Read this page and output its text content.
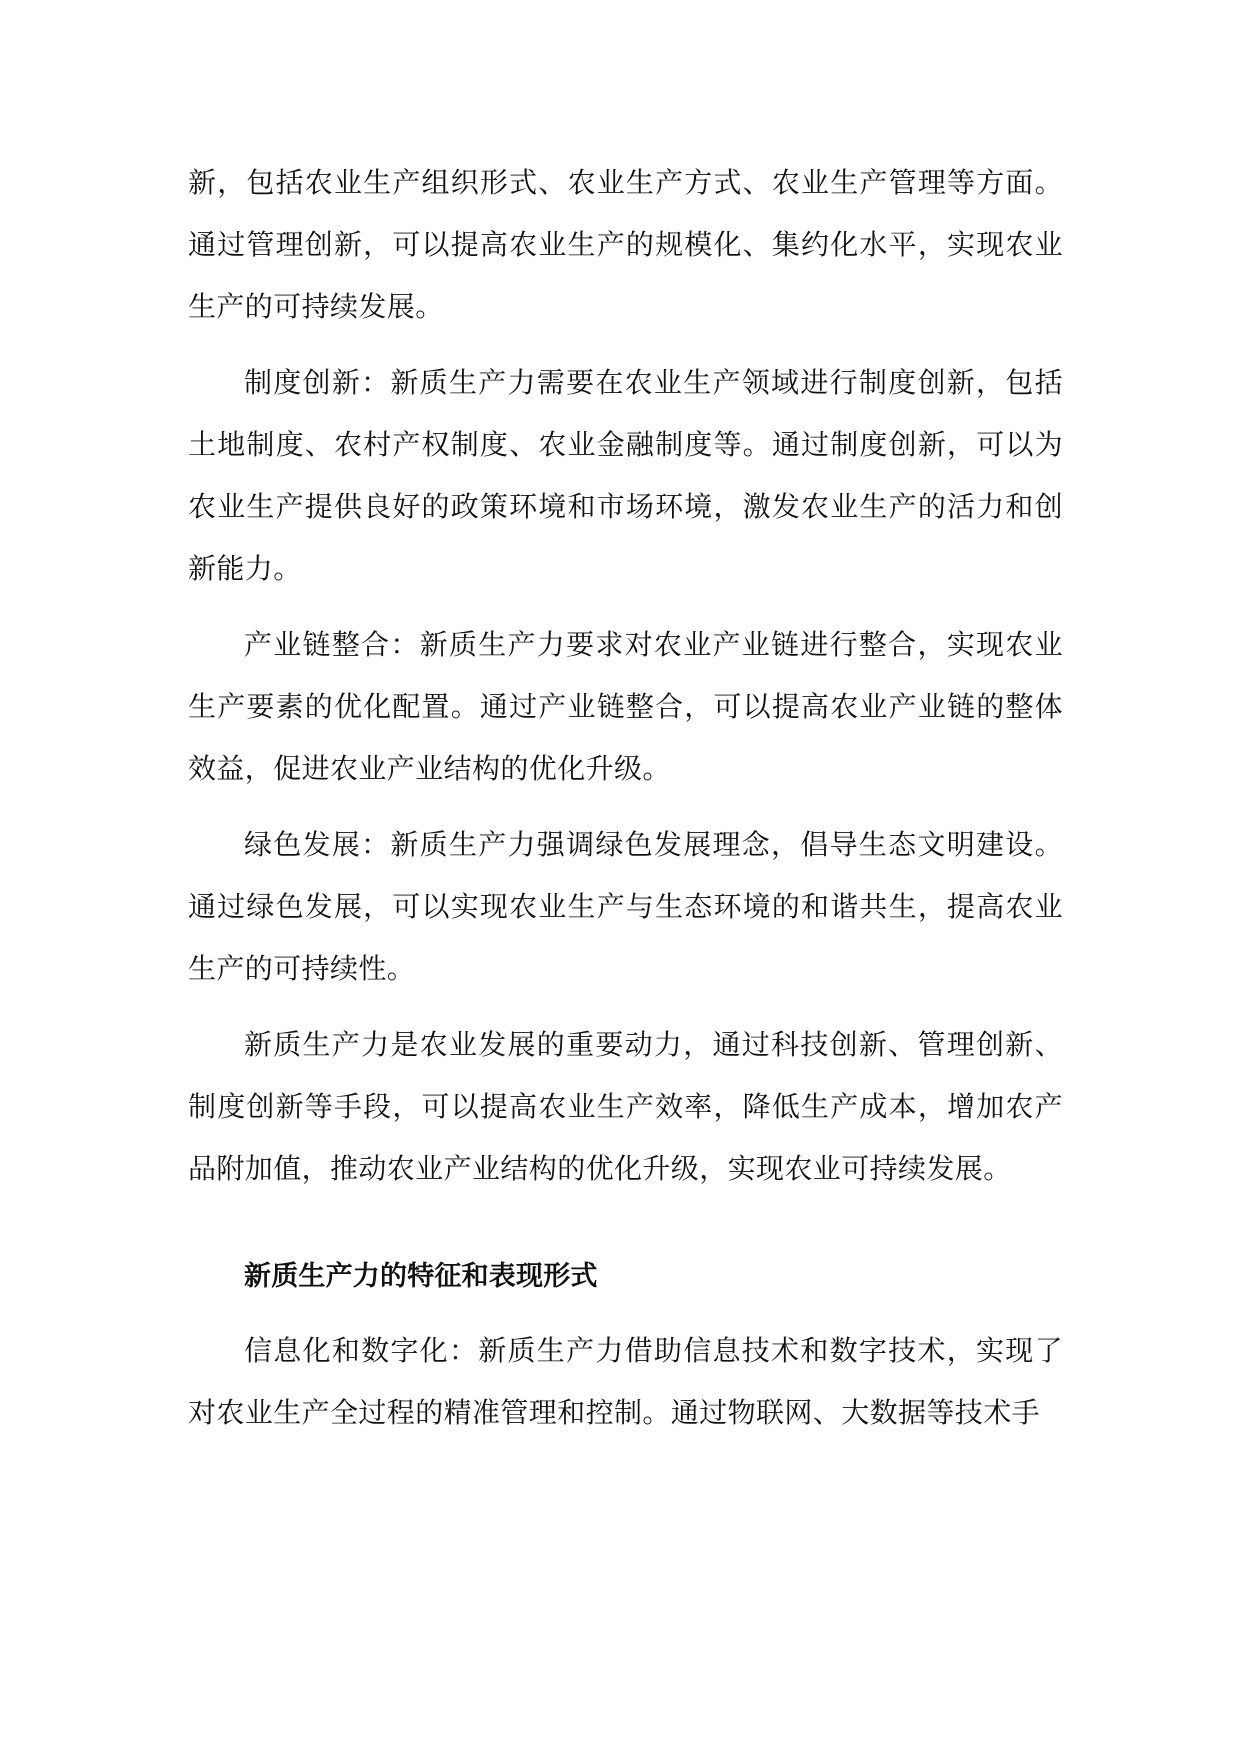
新，包括农业生产组织形式、农业生产方式、农业生产管理等方面。通过管理创新，可以提高农业生产的规模化、集约化水平，实现农业生产的可持续发展。

制度创新：新质生产力需要在农业生产领域进行制度创新，包括土地制度、农村产权制度、农业金融制度等。通过制度创新，可以为农业生产提供良好的政策环境和市场环境，激发农业生产的活力和创新能力。

产业链整合：新质生产力要求对农业产业链进行整合，实现农业生产要素的优化配置。通过产业链整合，可以提高农业产业链的整体效益，促进农业产业结构的优化升级。

绿色发展：新质生产力强调绿色发展理念，倡导生态文明建设。通过绿色发展，可以实现农业生产与生态环境的和谐共生，提高农业生产的可持续性。

新质生产力是农业发展的重要动力，通过科技创新、管理创新、制度创新等手段，可以提高农业生产效率，降低生产成本，增加农产品附加值，推动农业产业结构的优化升级，实现农业可持续发展。

新质生产力的特征和表现形式

信息化和数字化：新质生产力借助信息技术和数字技术，实现了对农业生产全过程的精准管理和控制。通过物联网、大数据等技术手
